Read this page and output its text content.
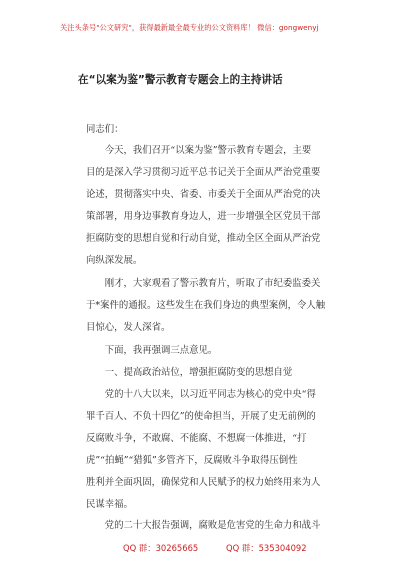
关注头条号"公文研究"，获得最新最全最专业的公文资料库！ 微信：gongwenyj
在“以案为鉴”警示教育专题会上的主持讲话
同志们：
今天，我们召开“以案为鉴”警示教育专题会，主要
目的是深入学习贯彻习近平总书记关于全面从严治党重要
论述，贯彻落实中央、省委、市委关于全面从严治党的决
策部署，用身边事教育身边人，进一步增强全区党员干部
拒腐防变的思想自觉和行动自觉，推动全区全面从严治党
向纵深发展。
刚才，大家观看了警示教育片，听取了市纪委监委关
于*案件的通报。这些发生在我们身边的典型案例，令人触
目惊心，发人深省。
下面，我再强调三点意见。
一、提高政治站位，增强拒腐防变的思想自觉
党的十八大以来，以习近平同志为核心的党中央“得
罪千百人、不负十四亿”的使命担当，开展了史无前例的
反腐败斗争，不敢腐、不能腐、不想腐一体推进，“打
虎”“拍蝇”“猎狐”多管齐下，反腐败斗争取得压倒性
胜利并全面巩固，确保党和人民赋予的权力始终用来为人
民谋幸福。
党的二十大报告强调，腐败是危害党的生命力和战斗
QQ 群：30265665	QQ 群：535304092
